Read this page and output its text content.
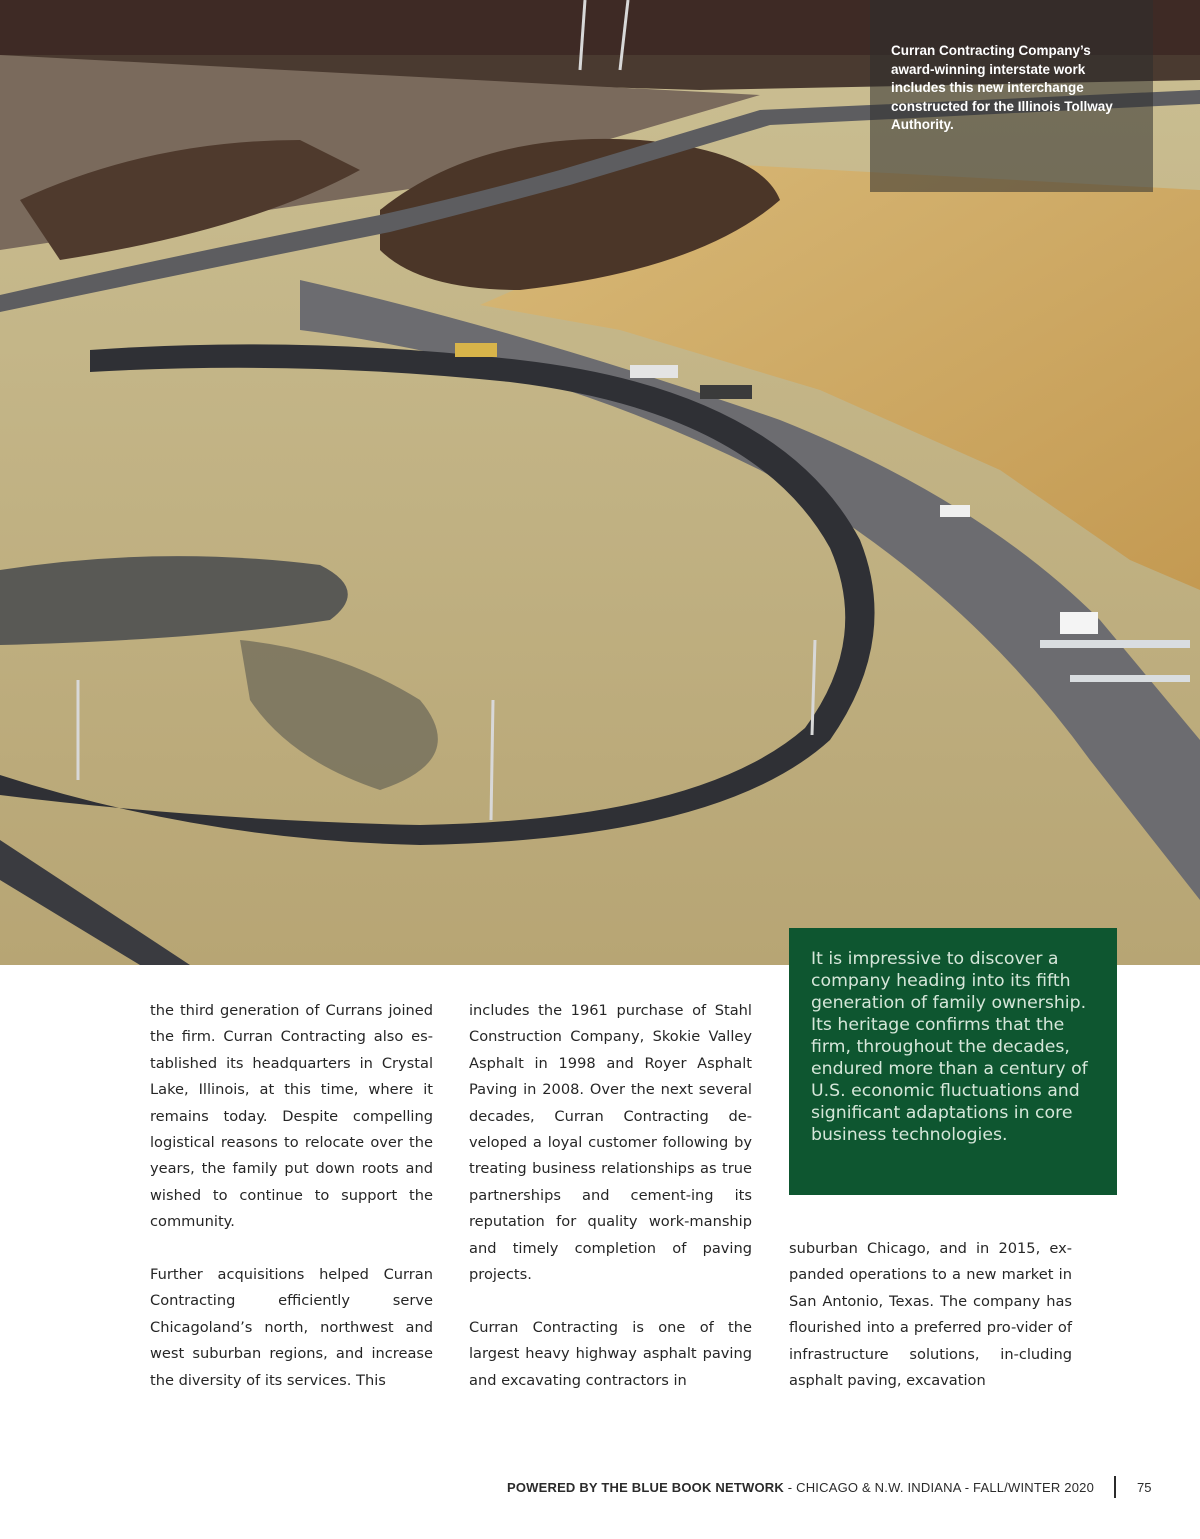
Curran Contracting Company’s award-winning interstate work includes this new interchange constructed for the Illinois Tollway Authority.
It is impressive to discover a company heading into its fifth generation of family ownership. Its heritage confirms that the firm, throughout the decades, endured more than a century of U.S. economic fluctuations and significant adaptations in core business technologies.

the third generation of Currans joined the firm. Curran Contracting also es-tablished its headquarters in Crystal Lake, Illinois, at this time, where it remains today. Despite compelling logistical reasons to relocate over the years, the family put down roots and wished to continue to support the community.

Further acquisitions helped Curran Contracting efficiently serve Chicagoland’s north, northwest and west suburban regions, and increase the diversity of its services. This

includes the 1961 purchase of Stahl Construction Company, Skokie Valley Asphalt in 1998 and Royer Asphalt Paving in 2008. Over the next several decades, Curran Contracting de-veloped a loyal customer following by treating business relationships as true partnerships and cement-ing its reputation for quality work-manship and timely completion of paving projects.

Curran Contracting is one of the largest heavy highway asphalt paving and excavating contractors in

suburban Chicago, and in 2015, ex-panded operations to a new market in San Antonio, Texas. The company has flourished into a preferred pro-vider of infrastructure solutions, in-cluding asphalt paving, excavation

POWERED BY THE BLUE BOOK NETWORK - CHICAGO & N.W. INDIANA - FALL/WINTER 2020	75
